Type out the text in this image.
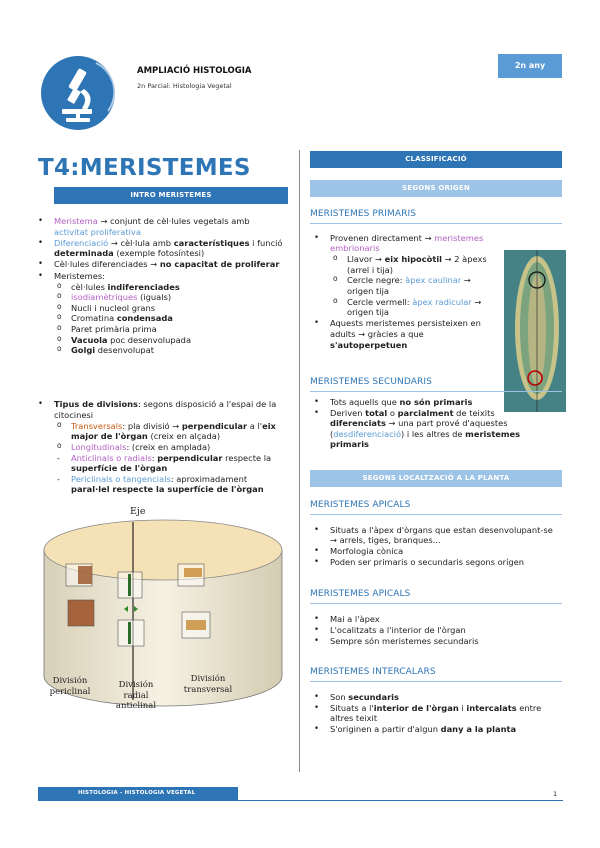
AMPLIACIÓ HISTOLOGIA
2n Parcial: Histologia Vegetal
2n any
T4:MERISTEMES
INTRO MERISTEMES
• Meristema → conjunt de cèl·lules vegetals amb activitat proliferativa
• Diferenciació → cèl·lula amb característiques i funció determinada (exemple fotosíntesi)
• Cèl·lules diferenciades → no capacitat de proliferar
• Meristemes:
o cèl·lules indiferenciades
o isodiamètriques (iguals)
o Nucli i nucleol grans
o Cromatina condensada
o Paret primària prima
o Vacuola poc desenvolupada
o Golgi desenvolupat
• Tipus de divisions: segons disposició a l'espai de la citocinesi
o Transversals: pla divisió → perpendicular a l'eix major de l'òrgan (creix en alçada)
o Longitudinals: (creix en amplada)
- Anticlinals o radials: perpendicular respecte la superfície de l'òrgan
- Periclinals o tangencials: aproximadament paral·lel respecte la superfície de l'òrgan
Eje
División periclinal
División radial anticlinal
División transversal
CLASSIFICACIÓ
SEGONS ORIGEN
MERISTEMES PRIMARIS
• Provenen directament → meristemes embrionaris
o Llavor → eix hipocòtil → 2 àpexs (arrel i tija)
o Cercle negre: àpex caulinar → origen tija
o Cercle vermell: àpex radicular → origen tija
• Aquests meristemes persisteixen en adults → gràcies a que s'autoperpetuen
MERISTEMES SECUNDARIS
• Tots aquells que no són primaris
• Deriven total o parcialment de teixits diferenciats → una part prové d'aquestes (desdiferenciació) i les altres de meristemes primaris
SEGONS LOCALTZACIÓ A LA PLANTA
MERISTEMES APICALS
• Situats a l'àpex d'òrgans que estan desenvolupant-se → arrels, tiges, branques...
• Morfologia cònica
• Poden ser primaris o secundaris segons orígen
MERISTEMES APICALS
• Mai a l'àpex
• L'ocalitzats a l'interior de l'òrgan
• Sempre són meristemes secundaris
MERISTEMES INTERCALARS
• Son secundaris
• Situats a l'interior de l'òrgan i intercalats entre altres teixit
• S'originen a partir d'algun dany a la planta
HISTOLOGIA - HISTOLOGIA VEGETAL	1
